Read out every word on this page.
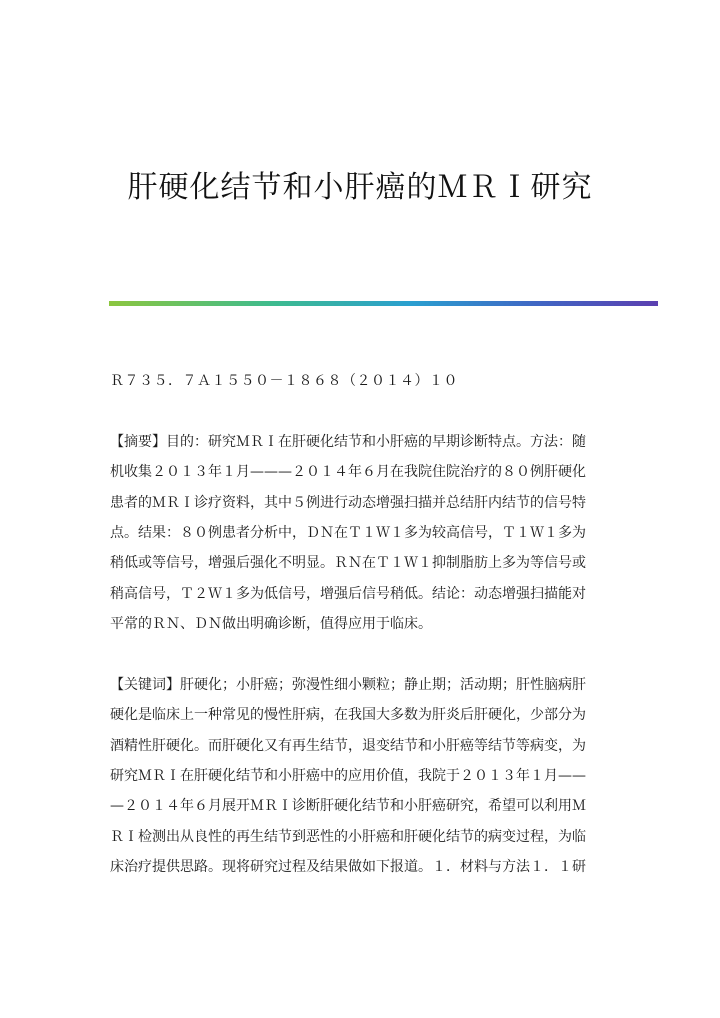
肝硬化结节和小肝癌的ＭＲＩ研究
Ｒ７３５．７Ａ１５５０－１８６８（２０１４）１０
【摘要】目的：研究ＭＲＩ在肝硬化结节和小肝癌的早期诊断特点。方法：随
机收集２０１３年１月———２０１４年６月在我院住院治疗的８０例肝硬化
患者的ＭＲＩ诊疗资料，其中５例进行动态增强扫描并总结肝内结节的信号特
点。结果：８０例患者分析中，ＤＮ在Ｔ１Ｗ１多为较高信号，Ｔ１Ｗ１多为
稍低或等信号，增强后强化不明显。ＲＮ在Ｔ１Ｗ１抑制脂肪上多为等信号或
稍高信号，Ｔ２Ｗ１多为低信号，增强后信号稍低。结论：动态增强扫描能对
平常的ＲＮ、ＤＮ做出明确诊断，值得应用于临床。
【关键词】肝硬化；小肝癌；弥漫性细小颗粒；静止期；活动期；肝性脑病肝
硬化是临床上一种常见的慢性肝病，在我国大多数为肝炎后肝硬化，少部分为
酒精性肝硬化。而肝硬化又有再生结节，退变结节和小肝癌等结节等病变，为
研究ＭＲＩ在肝硬化结节和小肝癌中的应用价值，我院于２０１３年１月——
—２０１４年６月展开ＭＲＩ诊断肝硬化结节和小肝癌研究，希望可以利用Ｍ
ＲＩ检测出从良性的再生结节到恶性的小肝癌和肝硬化结节的病变过程，为临
床治疗提供思路。现将研究过程及结果做如下报道。１．材料与方法１．１研
